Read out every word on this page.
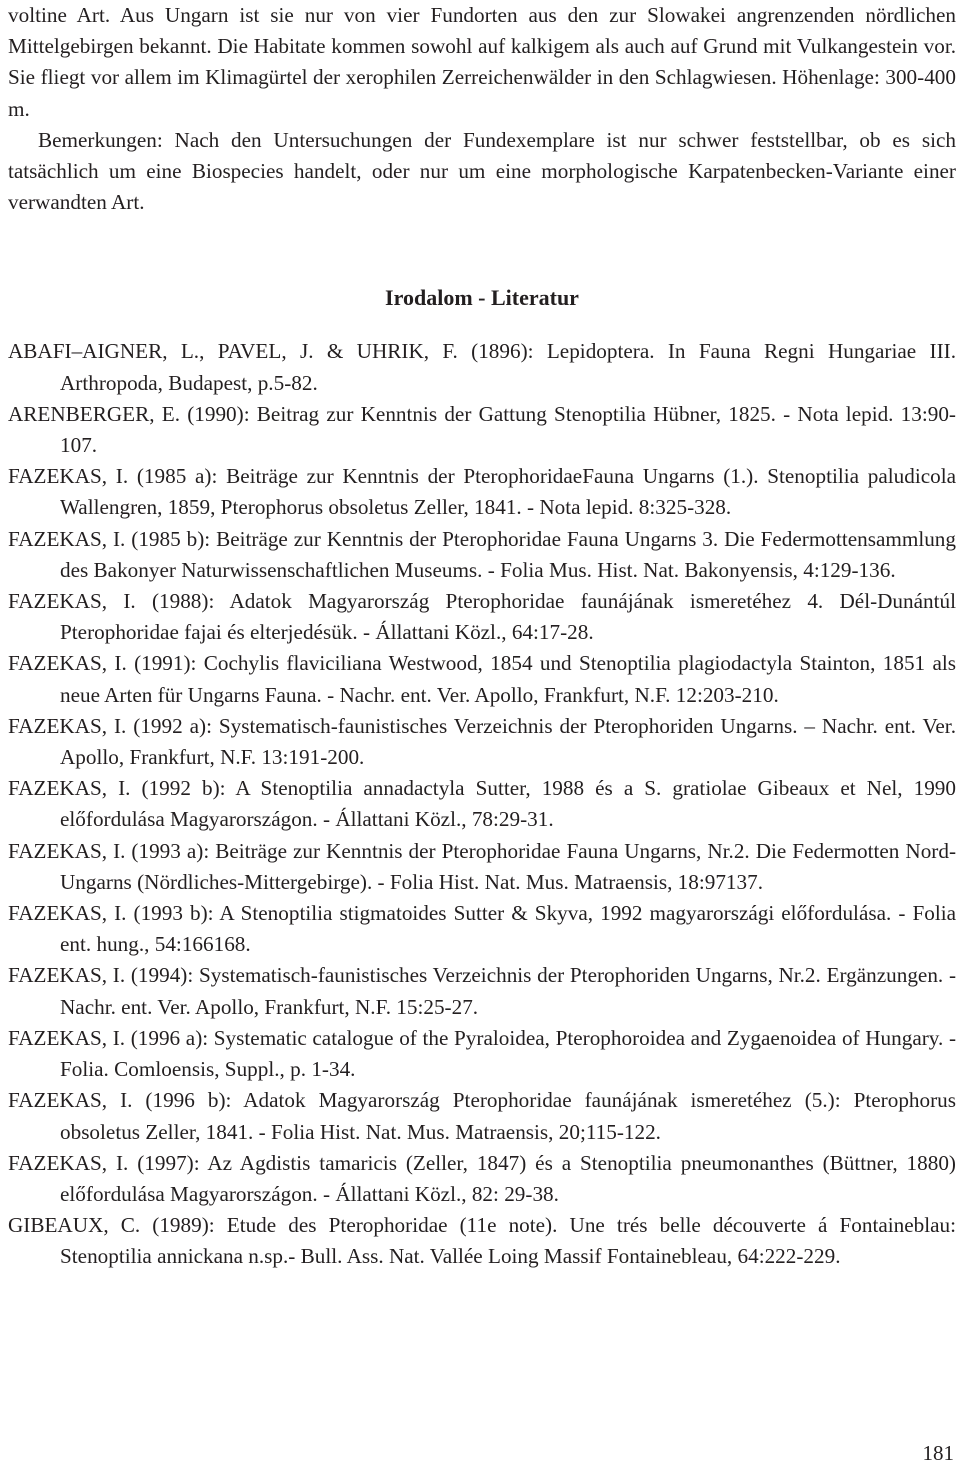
voltine Art. Aus Ungarn ist sie nur von vier Fundorten aus den zur Slowakei angrenzenden nördlichen Mittelgebirgen bekannt. Die Habitate kommen sowohl auf kalkigem als auch auf Grund mit Vulkangestein vor. Sie fliegt vor allem im Klimagürtel der xerophilen Zerreichenwälder in den Schlagwiesen. Höhenlage: 300-400 m.

Bemerkungen: Nach den Untersuchungen der Fundexemplare ist nur schwer feststellbar, ob es sich tatsächlich um eine Biospecies handelt, oder nur um eine morphologische Karpatenbecken-Variante einer verwandten Art.

Irodalom - Literatur

ABAFI–AIGNER, L., PAVEL, J. & UHRIK, F. (1896): Lepidoptera. In Fauna Regni Hungariae III. Arthropoda, Budapest, p.5-82.

ARENBERGER, E. (1990): Beitrag zur Kenntnis der Gattung Stenoptilia Hübner, 1825. - Nota lepid. 13:90-107.

FAZEKAS, I. (1985 a): Beiträge zur Kenntnis der PterophoridaeFauna Ungarns (1.). Stenoptilia paludicola Wallengren, 1859, Pterophorus obsoletus Zeller, 1841. - Nota lepid. 8:325-328.

FAZEKAS, I. (1985 b): Beiträge zur Kenntnis der Pterophoridae Fauna Ungarns 3. Die Federmottensammlung des Bakonyer Naturwissenschaftlichen Museums. - Folia Mus. Hist. Nat. Bakonyensis, 4:129-136.

FAZEKAS, I. (1988): Adatok Magyarország Pterophoridae faunájának ismeretéhez 4. Dél-Dunántúl Pterophoridae fajai és elterjedésük. - Állattani Közl., 64:17-28.

FAZEKAS, I. (1991): Cochylis flaviciliana Westwood, 1854 und Stenoptilia plagiodactyla Stainton, 1851 als neue Arten für Ungarns Fauna. - Nachr. ent. Ver. Apollo, Frankfurt, N.F. 12:203-210.

FAZEKAS, I. (1992 a): Systematisch-faunistisches Verzeichnis der Pterophoriden Ungarns. – Nachr. ent. Ver. Apollo, Frankfurt, N.F. 13:191-200.

FAZEKAS, I. (1992 b): A Stenoptilia annadactyla Sutter, 1988 és a S. gratiolae Gibeaux et Nel, 1990 előfordulása Magyarországon. - Állattani Közl., 78:29-31.

FAZEKAS, I. (1993 a): Beiträge zur Kenntnis der Pterophoridae Fauna Ungarns, Nr.2. Die Federmotten Nord-Ungarns (Nördliches-Mittergebirge). - Folia Hist. Nat. Mus. Matraensis, 18:97137.

FAZEKAS, I. (1993 b): A Stenoptilia stigmatoides Sutter & Skyva, 1992 magyarországi előfordulása. - Folia ent. hung., 54:166168.

FAZEKAS, I. (1994): Systematisch-faunistisches Verzeichnis der Pterophoriden Ungarns, Nr.2. Ergänzungen. - Nachr. ent. Ver. Apollo, Frankfurt, N.F. 15:25-27.

FAZEKAS, I. (1996 a): Systematic catalogue of the Pyraloidea, Pterophoroidea and Zygaenoidea of Hungary. - Folia. Comloensis, Suppl., p. 1-34.

FAZEKAS, I. (1996 b): Adatok Magyarország Pterophoridae faunájának ismeretéhez (5.): Pterophorus obsoletus Zeller, 1841. - Folia Hist. Nat. Mus. Matraensis, 20;115-122.

FAZEKAS, I. (1997): Az Agdistis tamaricis (Zeller, 1847) és a Stenoptilia pneumonanthes (Büttner, 1880) előfordulása Magyarországon. - Állattani Közl., 82: 29-38.

GIBEAUX, C. (1989): Etude des Pterophoridae (11e note). Une trés belle découverte á Fontaineblau: Stenoptilia annickana n.sp.- Bull. Ass. Nat. Vallée Loing Massif Fontainebleau, 64:222-229.

181
